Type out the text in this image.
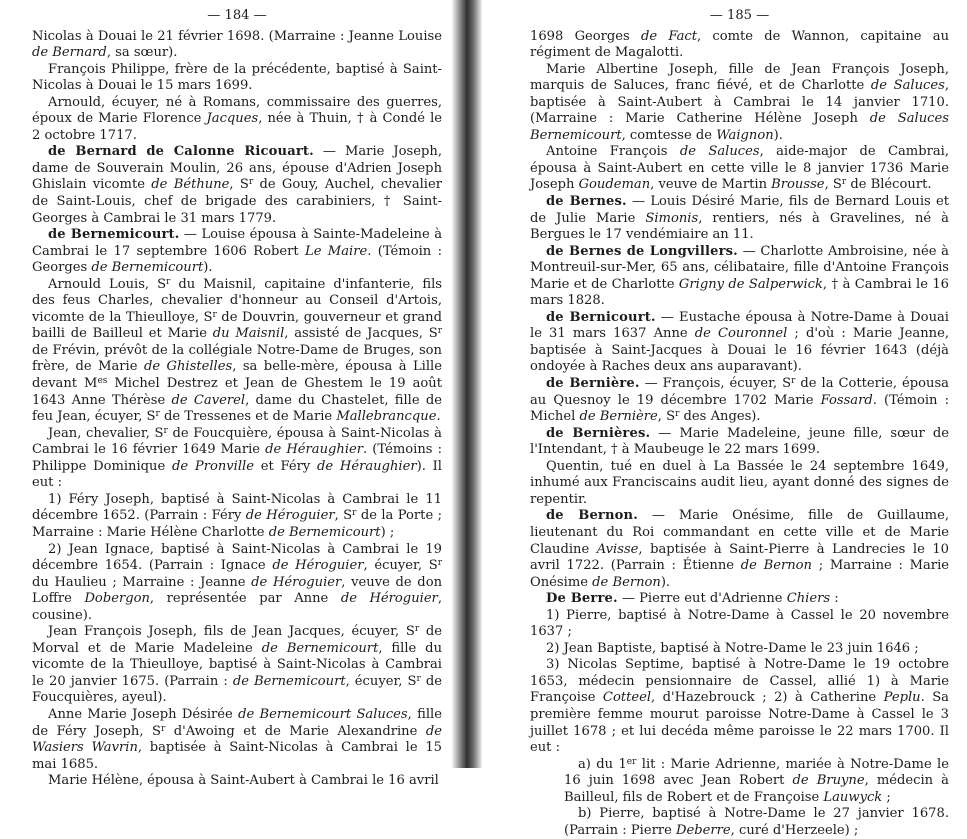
— 184 —

Nicolas à Douai le 21 février 1698. (Marraine : Jeanne Louise de Bernard, sa sœur).

François Philippe, frère de la précédente, baptisé à Saint-Nicolas à Douai le 15 mars 1699.

Arnould, écuyer, né à Romans, commissaire des guerres, époux de Marie Florence Jacques, née à Thuin, † à Condé le 2 octobre 1717.

de Bernard de Calonne Ricouart. — Marie Joseph, dame de Souverain Moulin, 26 ans, épouse d'Adrien Joseph Ghislain vicomte de Béthune, $S^r$ de Gouy, Auchel, chevalier de Saint-Louis, chef de brigade des carabiniers, † Saint-Georges à Cambrai le 31 mars 1779.

de Bernemicourt. — Louise épousa à Sainte-Madeleine à Cambrai le 17 septembre 1606 Robert Le Maire. (Témoin : Georges de Bernemicourt).

Arnould Louis, $S^r$ du Maisnil, capitaine d'infanterie, fils des feus Charles, chevalier d'honneur au Conseil d'Artois, vicomte de la Thieulloye, $S^r$ de Douvrin, gouverneur et grand bailli de Bailleul et Marie du Maisnil, assisté de Jacques, $S^r$ de Frévin, prévôt de la collégiale Notre-Dame de Bruges, son frère, de Marie de Ghistelles, sa belle-mère, épousa à Lille devant $M^{es}$ Michel Destrez et Jean de Ghestem le 19 août 1643 Anne Thérèse de Caverel, dame du Chastelet, fille de feu Jean, écuyer, $S^r$ de Tressenes et de Marie Mallebrancque.

Jean, chevalier, $S^r$ de Foucquière, épousa à Saint-Nicolas à Cambrai le 16 février 1649 Marie de Héraughier. (Témoins : Philippe Dominique de Pronville et Féry de Héraughier). Il eut :

1) Féry Joseph, baptisé à Saint-Nicolas à Cambrai le 11 décembre 1652. (Parrain : Féry de Héroguier, $S^r$ de la Porte ; Marraine : Marie Hélène Charlotte de Bernemicourt) ;

2) Jean Ignace, baptisé à Saint-Nicolas à Cambrai le 19 décembre 1654. (Parrain : Ignace de Héroguier, écuyer, $S^r$ du Haulieu ; Marraine : Jeanne de Héroguier, veuve de don Loffre Dobergon, représentée par Anne de Héroguier, cousine).

Jean François Joseph, fils de Jean Jacques, écuyer, $S^r$ de Morval et de Marie Madeleine de Bernemicourt, fille du vicomte de la Thieulloye, baptisé à Saint-Nicolas à Cambrai le 20 janvier 1675. (Parrain : de Bernemicourt, écuyer, $S^r$ de Foucquières, ayeul).

Anne Marie Joseph Désirée de Bernemicourt Saluces, fille de Féry Joseph, $S^r$ d'Awoing et de Marie Alexandrine de Wasiers Wavrin, baptisée à Saint-Nicolas à Cambrai le 15 mai 1685.

Marie Hélène, épousa à Saint-Aubert à Cambrai le 16 avril

— 185 —

1698 Georges de Fact, comte de Wannon, capitaine au régiment de Magalotti.

Marie Albertine Joseph, fille de Jean François Joseph, marquis de Saluces, franc fiévé, et de Charlotte de Saluces, baptisée à Saint-Aubert à Cambrai le 14 janvier 1710. (Marraine : Marie Catherine Hélène Joseph de Saluces Bernemicourt, comtesse de Waignon).

Antoine François de Saluces, aide-major de Cambrai, épousa à Saint-Aubert en cette ville le 8 janvier 1736 Marie Joseph Goudeman, veuve de Martin Brousse, $S^r$ de Blécourt.

de Bernes. — Louis Désiré Marie, fils de Bernard Louis et de Julie Marie Simonis, rentiers, nés à Gravelines, né à Bergues le 17 vendémiaire an 11.

de Bernes de Longvillers. — Charlotte Ambroisine, née à Montreuil-sur-Mer, 65 ans, célibataire, fille d'Antoine François Marie et de Charlotte Grigny de Salperwick, † à Cambrai le 16 mars 1828.

de Bernicourt. — Eustache épousa à Notre-Dame à Douai le 31 mars 1637 Anne de Couronnel ; d'où : Marie Jeanne, baptisée à Saint-Jacques à Douai le 16 février 1643 (déjà ondoyée à Raches deux ans auparavant).

de Bernière. — François, écuyer, $S^r$ de la Cotterie, épousa au Quesnoy le 19 décembre 1702 Marie Fossard. (Témoin : Michel de Bernière, $S^r$ des Anges).

de Bernières. — Marie Madeleine, jeune fille, sœur de l'Intendant, † à Maubeuge le 22 mars 1699.

Quentin, tué en duel à La Bassée le 24 septembre 1649, inhumé aux Franciscains audit lieu, ayant donné des signes de repentir.

de Bernon. — Marie Onésime, fille de Guillaume, lieutenant du Roi commandant en cette ville et de Marie Claudine Avisse, baptisée à Saint-Pierre à Landrecies le 10 avril 1722. (Parrain : Étienne de Bernon ; Marraine : Marie Onésime de Bernon).

De Berre. — Pierre eut d'Adrienne Chiers :

1) Pierre, baptisé à Notre-Dame à Cassel le 20 novembre 1637 ;

2) Jean Baptiste, baptisé à Notre-Dame le 23 juin 1646 ;

3) Nicolas Septime, baptisé à Notre-Dame le 19 octobre 1653, médecin pensionnaire de Cassel, allié 1) à Marie Françoise Cotteel, d'Hazebrouck ; 2) à Catherine Peplu. Sa première femme mourut paroisse Notre-Dame à Cassel le 3 juillet 1678 ; et lui decéda même paroisse le 22 mars 1700. Il eut :

a) du 1er lit : Marie Adrienne, mariée à Notre-Dame le 16 juin 1698 avec Jean Robert de Bruyne, médecin à Bailleul, fils de Robert et de Françoise Lauwyck ;

b) Pierre, baptisé à Notre-Dame le 27 janvier 1678. (Parrain : Pierre Deberre, curé d'Herzeele) ;
